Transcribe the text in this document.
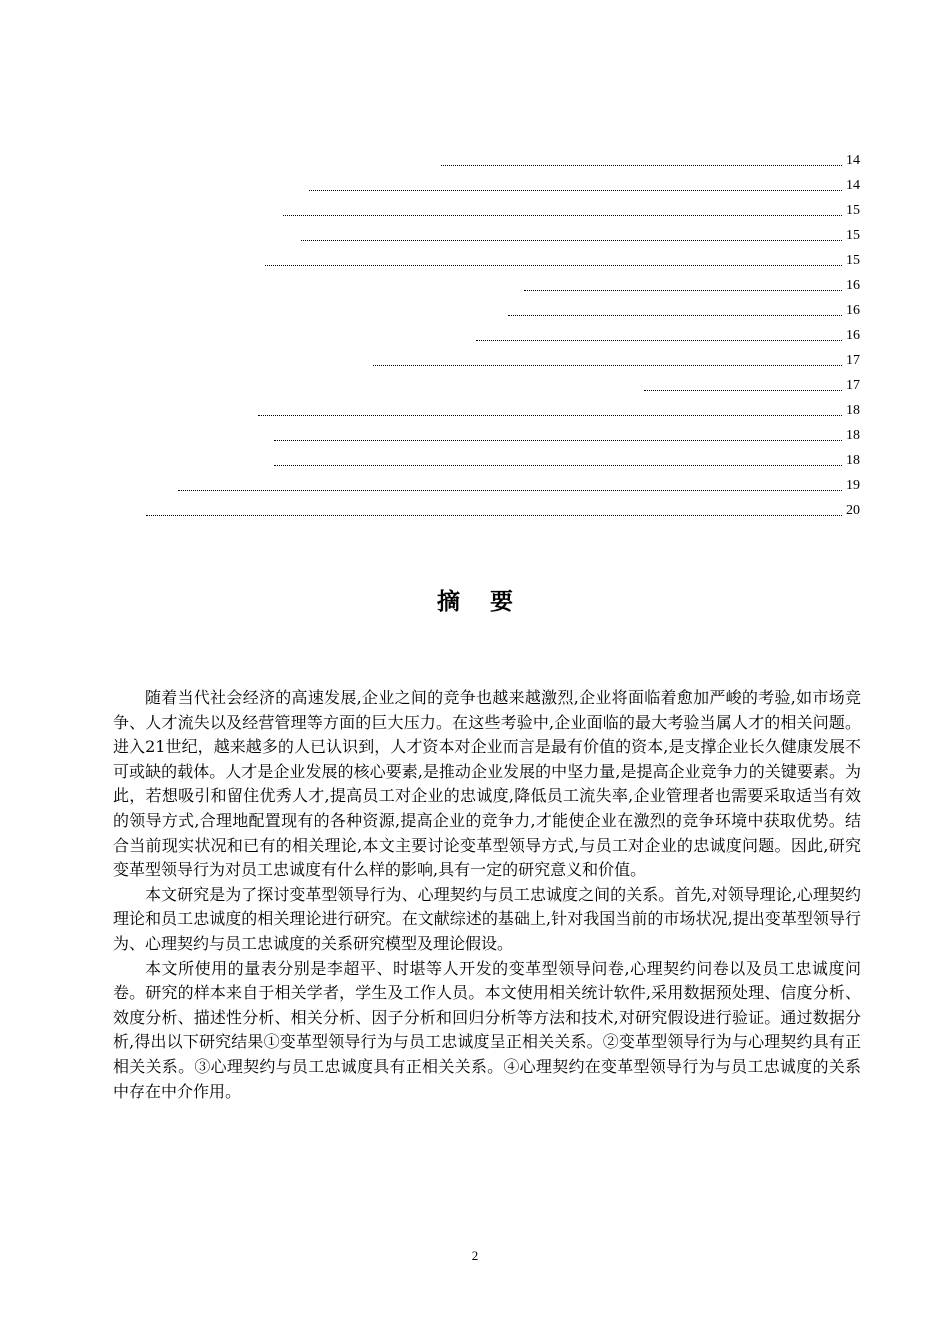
14
14
15
15
15
16
16
16
17
17
18
18
18
19
20
摘要

随着当代社会经济的高速发展,企业之间的竞争也越来越激烈,企业将面临着愈加严峻的考验,如市场竞争、人才流失以及经营管理等方面的巨大压力。在这些考验中,企业面临的最大考验当属人才的相关问题。进入21世纪，越来越多的人已认识到，人才资本对企业而言是最有价值的资本,是支撑企业长久健康发展不可或缺的载体。人才是企业发展的核心要素,是推动企业发展的中坚力量,是提高企业竞争力的关键要素。为此，若想吸引和留住优秀人才,提高员工对企业的忠诚度,降低员工流失率,企业管理者也需要采取适当有效的领导方式,合理地配置现有的各种资源,提高企业的竞争力,才能使企业在激烈的竞争环境中获取优势。结合当前现实状况和已有的相关理论,本文主要讨论变革型领导方式,与员工对企业的忠诚度问题。因此,研究变革型领导行为对员工忠诚度有什么样的影响,具有一定的研究意义和价值。

本文研究是为了探讨变革型领导行为、心理契约与员工忠诚度之间的关系。首先,对领导理论,心理契约理论和员工忠诚度的相关理论进行研究。在文献综述的基础上,针对我国当前的市场状况,提出变革型领导行为、心理契约与员工忠诚度的关系研究模型及理论假设。

本文所使用的量表分别是李超平、时堪等人开发的变革型领导问卷,心理契约问卷以及员工忠诚度问卷。研究的样本来自于相关学者，学生及工作人员。本文使用相关统计软件,采用数据预处理、信度分析、效度分析、描述性分析、相关分析、因子分析和回归分析等方法和技术,对研究假设进行验证。通过数据分析,得出以下研究结果①变革型领导行为与员工忠诚度呈正相关关系。②变革型领导行为与心理契约具有正相关关系。③心理契约与员工忠诚度具有正相关关系。④心理契约在变革型领导行为与员工忠诚度的关系中存在中介作用。

2
